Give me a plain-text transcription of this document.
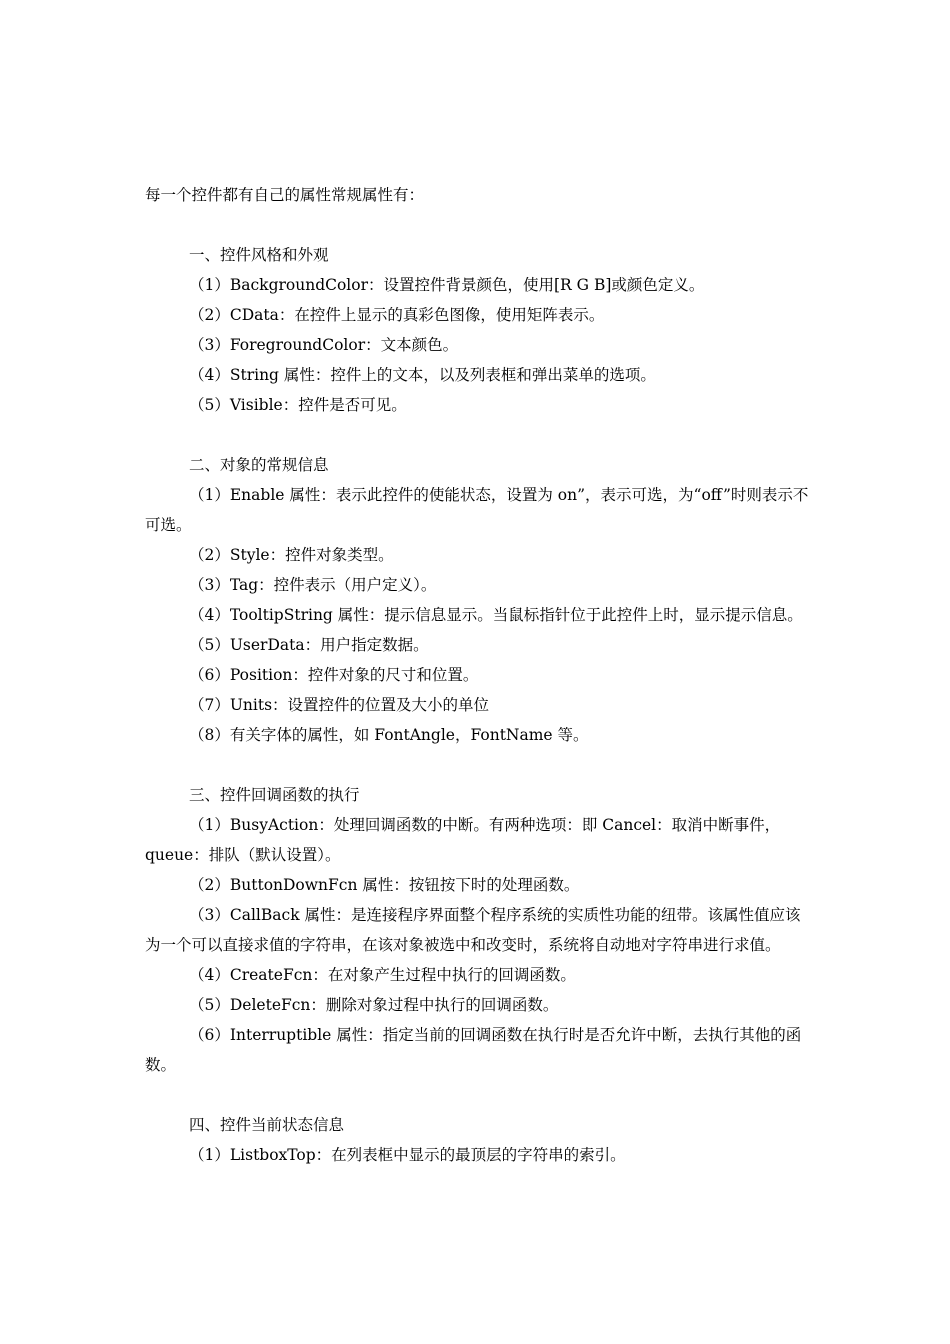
每一个控件都有自己的属性常规属性有：
一、控件风格和外观
（1）BackgroundColor：设置控件背景颜色，使用[R G B]或颜色定义。
（2）CData：在控件上显示的真彩色图像，使用矩阵表示。
（3）ForegroundColor：文本颜色。
（4）String 属性：控件上的文本，以及列表框和弹出菜单的选项。
（5）Visible：控件是否可见。
二、对象的常规信息
（1）Enable 属性：表示此控件的使能状态，设置为 on”，表示可选，为“off”时则表示不可选。
（2）Style：控件对象类型。
（3）Tag：控件表示（用户定义）。
（4）TooltipString 属性：提示信息显示。当鼠标指针位于此控件上时，显示提示信息。
（5）UserData：用户指定数据。
（6）Position：控件对象的尺寸和位置。
（7）Units：设置控件的位置及大小的单位
（8）有关字体的属性，如 FontAngle，FontName 等。
三、控件回调函数的执行
（1）BusyAction：处理回调函数的中断。有两种选项：即 Cancel：取消中断事件，queue：排队（默认设置）。
（2）ButtonDownFcn 属性：按钮按下时的处理函数。
（3）CallBack 属性：是连接程序界面整个程序系统的实质性功能的纽带。该属性值应该为一个可以直接求值的字符串，在该对象被选中和改变时，系统将自动地对字符串进行求值。
（4）CreateFcn：在对象产生过程中执行的回调函数。
（5）DeleteFcn：删除对象过程中执行的回调函数。
（6）Interruptible 属性：指定当前的回调函数在执行时是否允许中断，去执行其他的函数。
四、控件当前状态信息
（1）ListboxTop：在列表框中显示的最顶层的字符串的索引。
